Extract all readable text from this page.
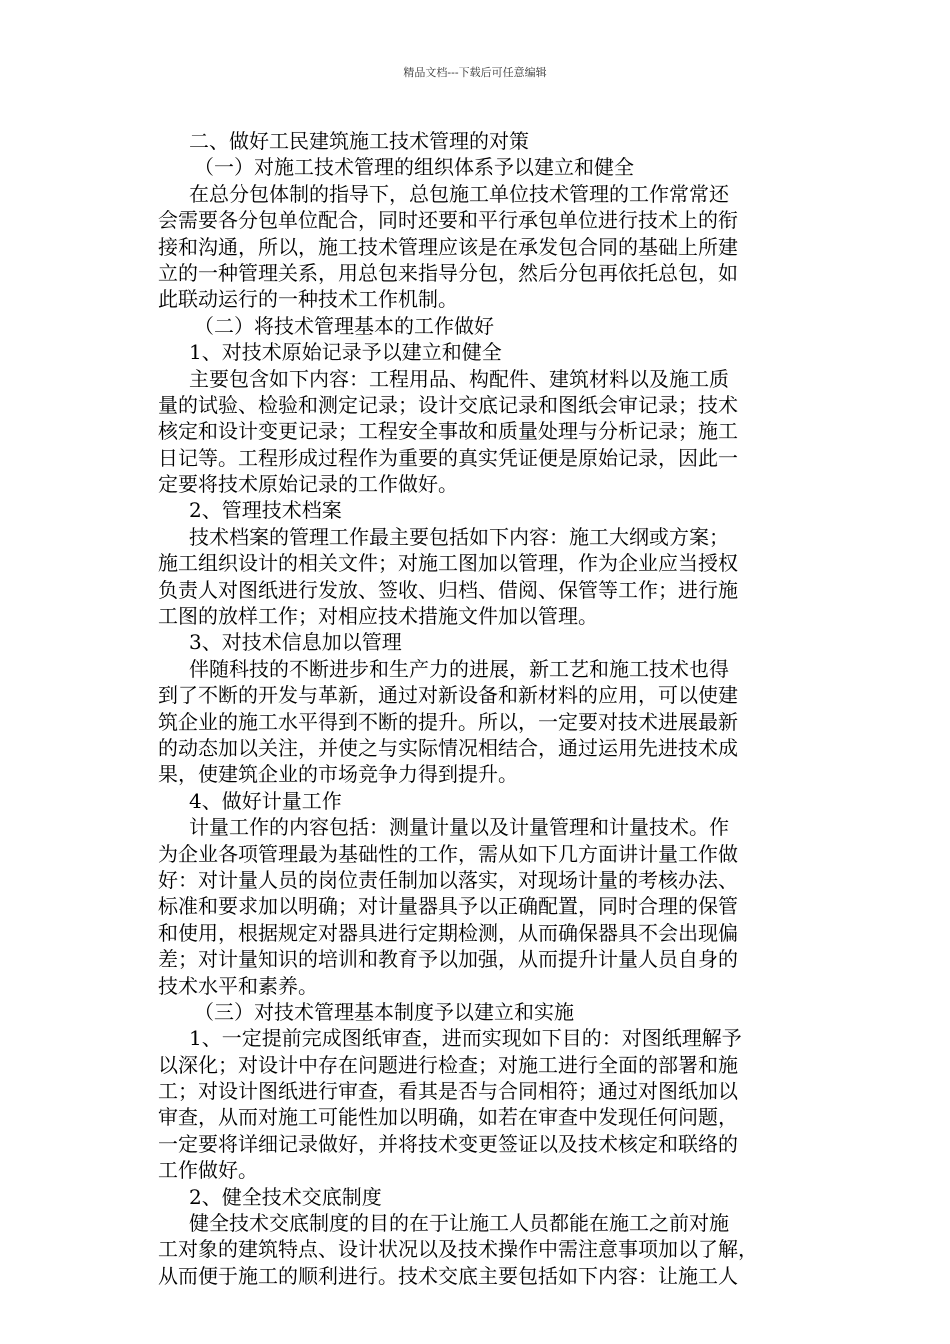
精品文档---下载后可任意编辑
二、做好工民建筑施工技术管理的对策
（一）对施工技术管理的组织体系予以建立和健全
在总分包体制的指导下，总包施工单位技术管理的工作常常还
会需要各分包单位配合，同时还要和平行承包单位进行技术上的衔
接和沟通，所以，施工技术管理应该是在承发包合同的基础上所建
立的一种管理关系，用总包来指导分包，然后分包再依托总包，如
此联动运行的一种技术工作机制。
（二）将技术管理基本的工作做好
1、对技术原始记录予以建立和健全
主要包含如下内容：工程用品、构配件、建筑材料以及施工质
量的试验、检验和测定记录；设计交底记录和图纸会审记录；技术
核定和设计变更记录；工程安全事故和质量处理与分析记录；施工
日记等。工程形成过程作为重要的真实凭证便是原始记录，因此一
定要将技术原始记录的工作做好。
2、管理技术档案
技术档案的管理工作最主要包括如下内容：施工大纲或方案；
施工组织设计的相关文件；对施工图加以管理，作为企业应当授权
负责人对图纸进行发放、签收、归档、借阅、保管等工作；进行施
工图的放样工作；对相应技术措施文件加以管理。
3、对技术信息加以管理
伴随科技的不断进步和生产力的进展，新工艺和施工技术也得
到了不断的开发与革新，通过对新设备和新材料的应用，可以使建
筑企业的施工水平得到不断的提升。所以，一定要对技术进展最新
的动态加以关注，并使之与实际情况相结合，通过运用先进技术成
果，使建筑企业的市场竞争力得到提升。
4、做好计量工作
计量工作的内容包括：测量计量以及计量管理和计量技术。作
为企业各项管理最为基础性的工作，需从如下几方面讲计量工作做
好：对计量人员的岗位责任制加以落实，对现场计量的考核办法、
标准和要求加以明确；对计量器具予以正确配置，同时合理的保管
和使用，根据规定对器具进行定期检测，从而确保器具不会出现偏
差；对计量知识的培训和教育予以加强，从而提升计量人员自身的
技术水平和素养。
（三）对技术管理基本制度予以建立和实施
1、一定提前完成图纸审查，进而实现如下目的：对图纸理解予
以深化；对设计中存在问题进行检查；对施工进行全面的部署和施
工；对设计图纸进行审查，看其是否与合同相符；通过对图纸加以
审查，从而对施工可能性加以明确，如若在审查中发现任何问题，
一定要将详细记录做好，并将技术变更签证以及技术核定和联络的
工作做好。
2、健全技术交底制度
健全技术交底制度的目的在于让施工人员都能在施工之前对施
工对象的建筑特点、设计状况以及技术操作中需注意事项加以了解，
从而便于施工的顺利进行。技术交底主要包括如下内容：让施工人
